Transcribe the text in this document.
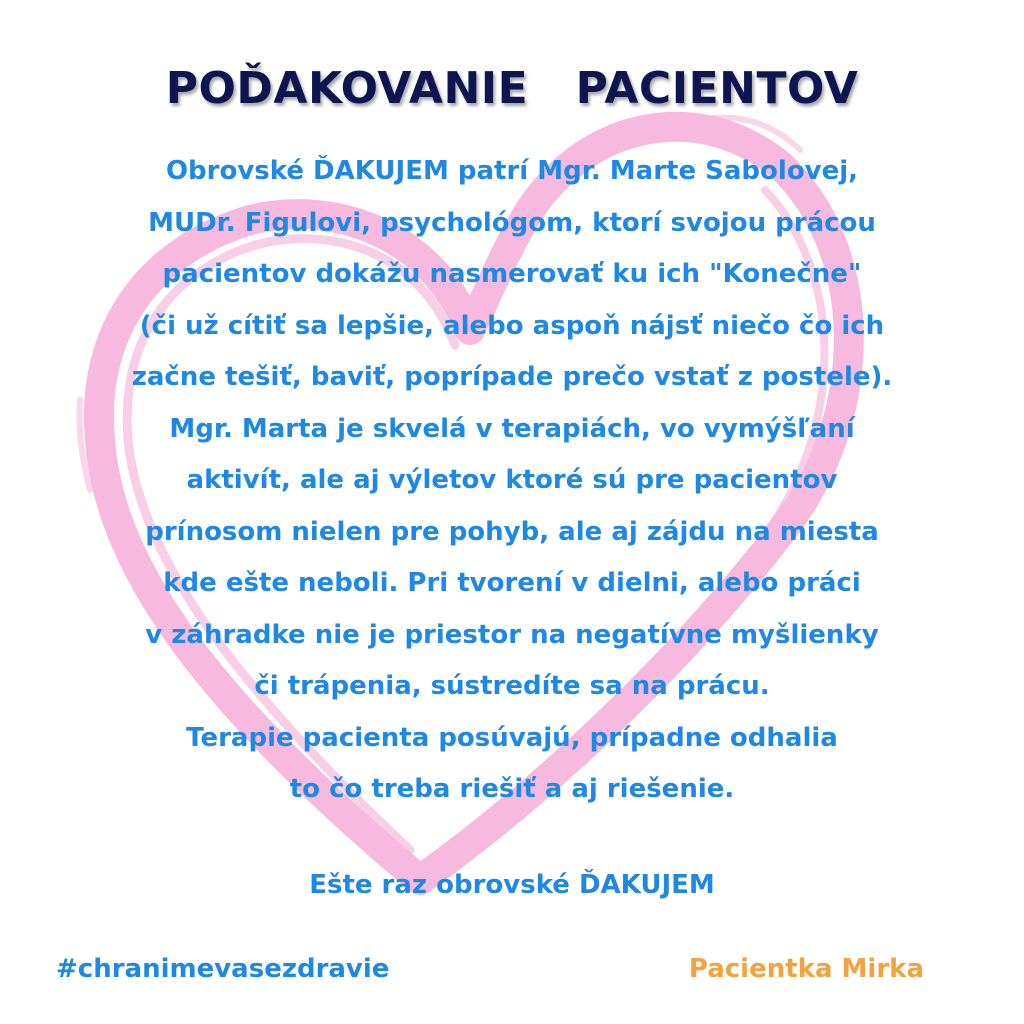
POĎAKOVANIE   PACIENTOV
Obrovské ĎAKUJEM patrí Mgr. Marte Sabolovej,
MUDr. Figulovi, psychológom, ktorí svojou prácou
pacientov dokážu nasmerovať ku ich "Konečne"
(či už cítiť sa lepšie, alebo aspoň nájsť niečo čo ich
začne tešiť, baviť, poprípade prečo vstať z postele).
Mgr. Marta je skvelá v terapiách, vo vymýšľaní
aktivít, ale aj výletov ktoré sú pre pacientov
prínosom nielen pre pohyb, ale aj zájdu na miesta
kde ešte neboli. Pri tvorení v dielni, alebo práci
v záhradke nie je priestor na negatívne myšlienky
či trápenia, sústredíte sa na prácu.
Terapie pacienta posúvajú, prípadne odhalia
to čo treba riešiť a aj riešenie.
Ešte raz obrovské ĎAKUJEM
#chranimevasezdravie	Pacientka Mirka
